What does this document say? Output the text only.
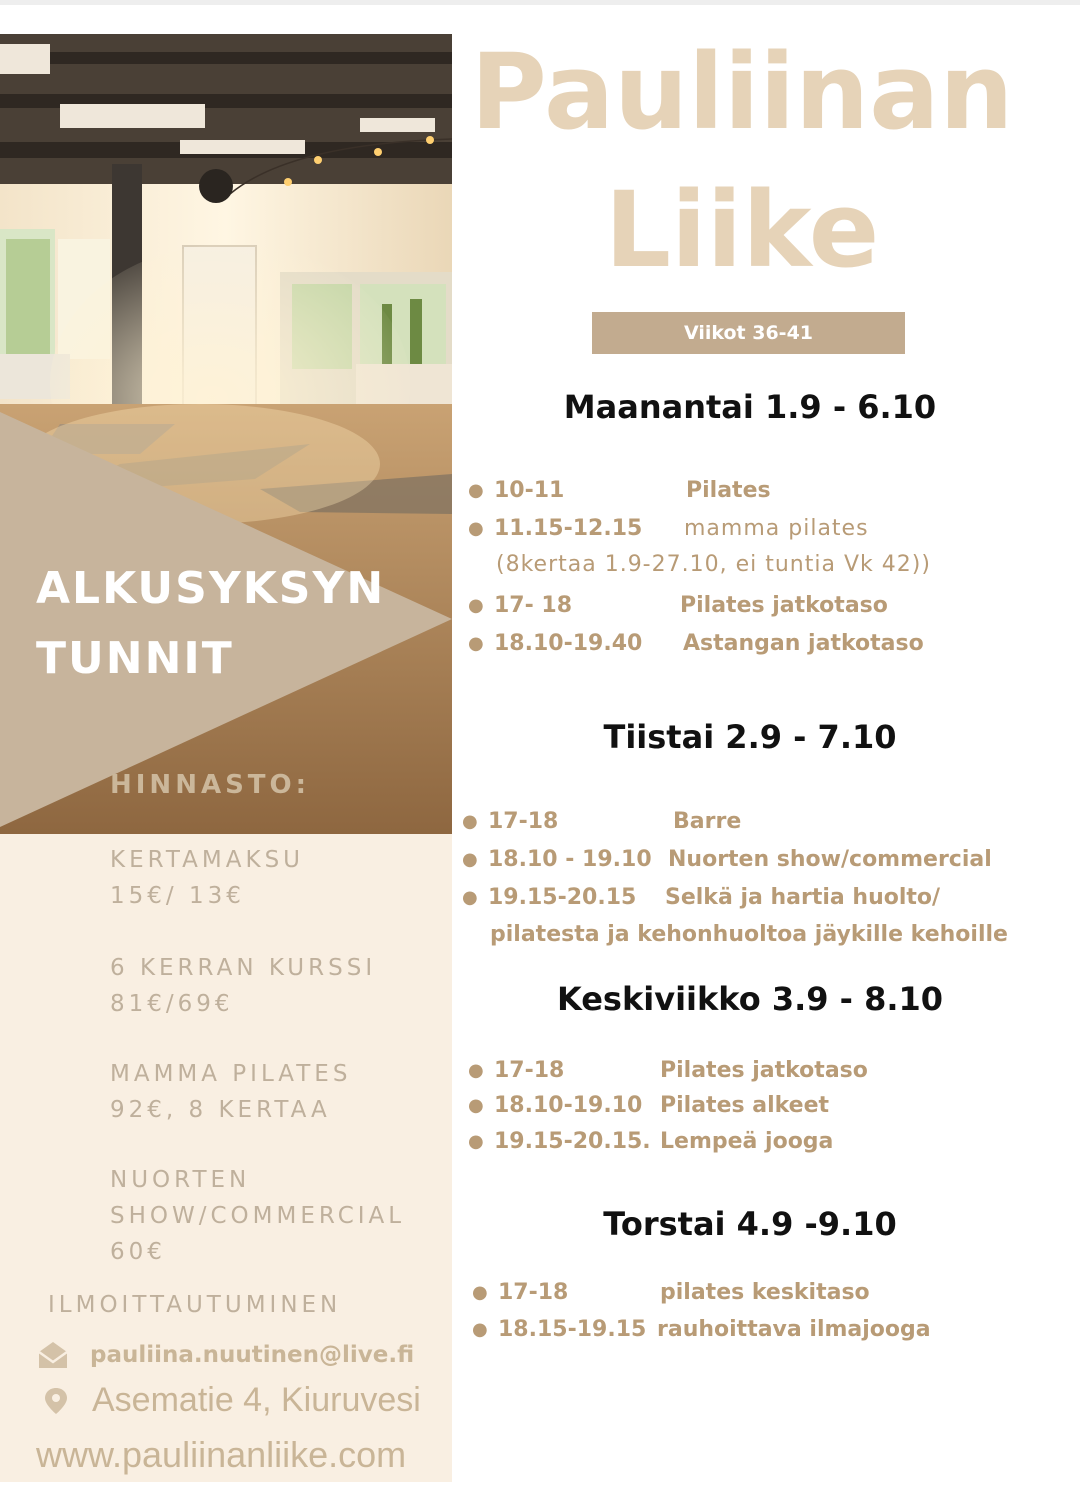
ALKUSYKSYN
TUNNIT
HINNASTO:
KERTAMAKSU
15€/ 13€
6 KERRAN KURSSI
81€/69€
MAMMA PILATES
92€, 8 KERTAA
NUORTEN
SHOW/COMMERCIAL
60€
ILMOITTAUTUMINEN
pauliina.nuutinen@live.fi
Asematie 4, Kiuruvesi
www.pauliinanliike.com
Pauliinan
Liike
Viikot 36-41
Maanantai 1.9 - 6.10
● 10-11	Pilates
● 11.15-12.15 mamma pilates
(8kertaa 1.9-27.10, ei tuntia Vk 42))
● 17- 18	Pilates jatkotaso
● 18.10-19.40 Astangan jatkotaso
Tiistai 2.9 - 7.10
● 17-18	Barre
● 18.10 - 19.10 Nuorten show/commercial
● 19.15-20.15 Selkä ja hartia huolto/
pilatesta ja kehonhuoltoa jäykille kehoille
Keskiviikko 3.9 - 8.10
● 17-18	Pilates jatkotaso
● 18.10-19.10 Pilates alkeet
● 19.15-20.15. Lempeä jooga
Torstai 4.9 -9.10
● 17-18	pilates keskitaso
● 18.15-19.15 rauhoittava ilmajooga
